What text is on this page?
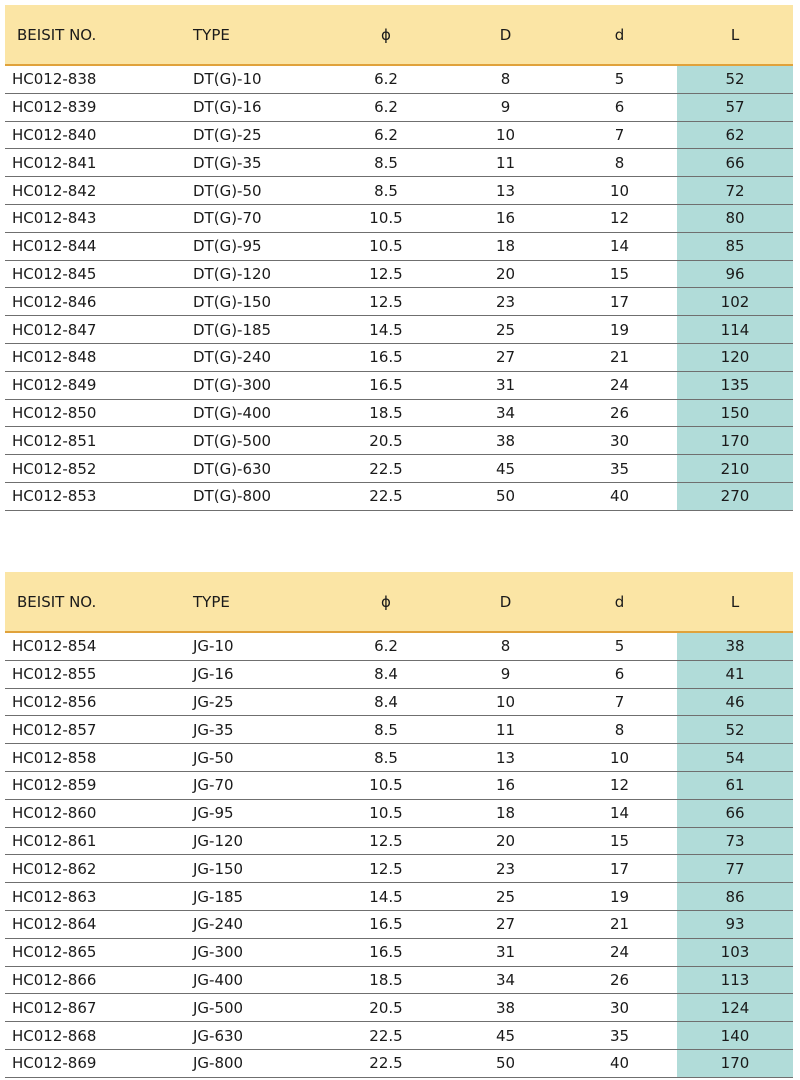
BEISIT NO.	TYPE	ϕ	D	d	L
HC012-838	DT(G)-10	6.2	8	5	52
HC012-839	DT(G)-16	6.2	9	6	57
HC012-840	DT(G)-25	6.2	10	7	62
HC012-841	DT(G)-35	8.5	11	8	66
HC012-842	DT(G)-50	8.5	13	10	72
HC012-843	DT(G)-70	10.5	16	12	80
HC012-844	DT(G)-95	10.5	18	14	85
HC012-845	DT(G)-120	12.5	20	15	96
HC012-846	DT(G)-150	12.5	23	17	102
HC012-847	DT(G)-185	14.5	25	19	114
HC012-848	DT(G)-240	16.5	27	21	120
HC012-849	DT(G)-300	16.5	31	24	135
HC012-850	DT(G)-400	18.5	34	26	150
HC012-851	DT(G)-500	20.5	38	30	170
HC012-852	DT(G)-630	22.5	45	35	210
HC012-853	DT(G)-800	22.5	50	40	270
BEISIT NO.	TYPE	ϕ	D	d	L
HC012-854	JG-10	6.2	8	5	38
HC012-855	JG-16	8.4	9	6	41
HC012-856	JG-25	8.4	10	7	46
HC012-857	JG-35	8.5	11	8	52
HC012-858	JG-50	8.5	13	10	54
HC012-859	JG-70	10.5	16	12	61
HC012-860	JG-95	10.5	18	14	66
HC012-861	JG-120	12.5	20	15	73
HC012-862	JG-150	12.5	23	17	77
HC012-863	JG-185	14.5	25	19	86
HC012-864	JG-240	16.5	27	21	93
HC012-865	JG-300	16.5	31	24	103
HC012-866	JG-400	18.5	34	26	113
HC012-867	JG-500	20.5	38	30	124
HC012-868	JG-630	22.5	45	35	140
HC012-869	JG-800	22.5	50	40	170
